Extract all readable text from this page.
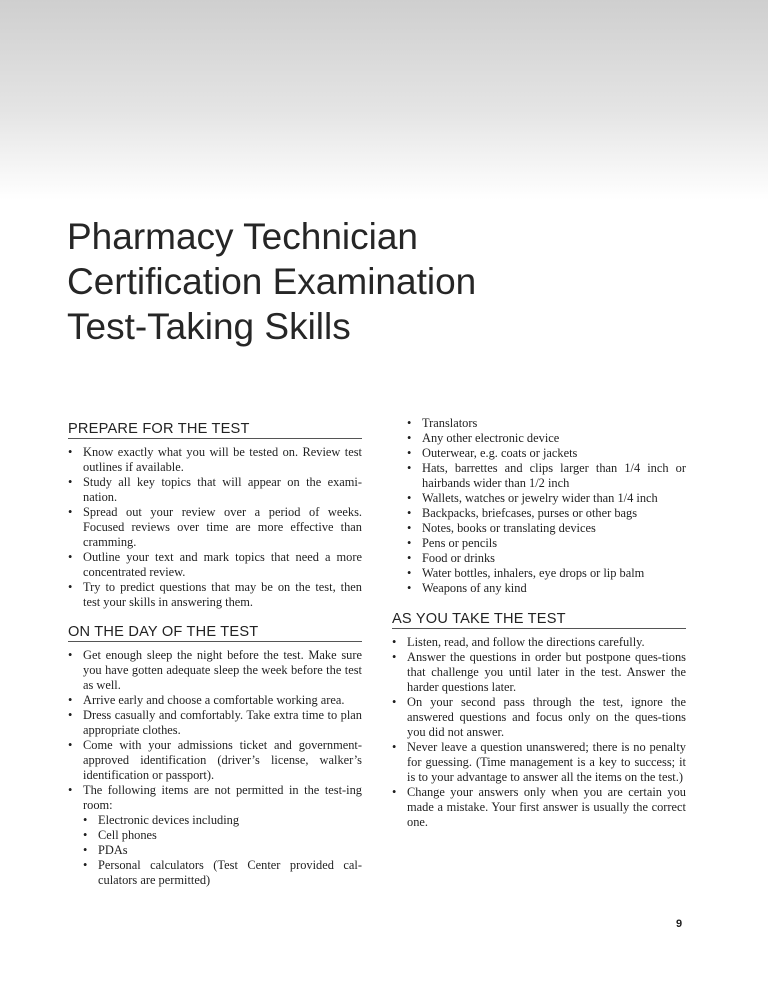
Pharmacy Technician
Certification Examination
Test-Taking Skills
PREPARE FOR THE TEST
• Know exactly what you will be tested on. Review test outlines if available.
• Study all key topics that will appear on the exami-nation.
• Spread out your review over a period of weeks. Focused reviews over time are more effective than cramming.
• Outline your text and mark topics that need a more concentrated review.
• Try to predict questions that may be on the test, then test your skills in answering them.
ON THE DAY OF THE TEST
• Get enough sleep the night before the test. Make sure you have gotten adequate sleep the week before the test as well.
• Arrive early and choose a comfortable working area.
• Dress casually and comfortably. Take extra time to plan appropriate clothes.
• Come with your admissions ticket and government-approved identification (driver’s license, walker’s identification or passport).
• The following items are not permitted in the test-ing room:
• Electronic devices including
• Cell phones
• PDAs
• Personal calculators (Test Center provided cal-culators are permitted)
• Translators
• Any other electronic device
• Outerwear, e.g. coats or jackets
• Hats, barrettes and clips larger than 1/4 inch or hairbands wider than 1/2 inch
• Wallets, watches or jewelry wider than 1/4 inch
• Backpacks, briefcases, purses or other bags
• Notes, books or translating devices
• Pens or pencils
• Food or drinks
• Water bottles, inhalers, eye drops or lip balm
• Weapons of any kind
AS YOU TAKE THE TEST
• Listen, read, and follow the directions carefully.
• Answer the questions in order but postpone ques-tions that challenge you until later in the test. Answer the harder questions later.
• On your second pass through the test, ignore the answered questions and focus only on the ques-tions you did not answer.
• Never leave a question unanswered; there is no penalty for guessing. (Time management is a key to success; it is to your advantage to answer all the items on the test.)
• Change your answers only when you are certain you made a mistake. Your first answer is usually the correct one.
9
